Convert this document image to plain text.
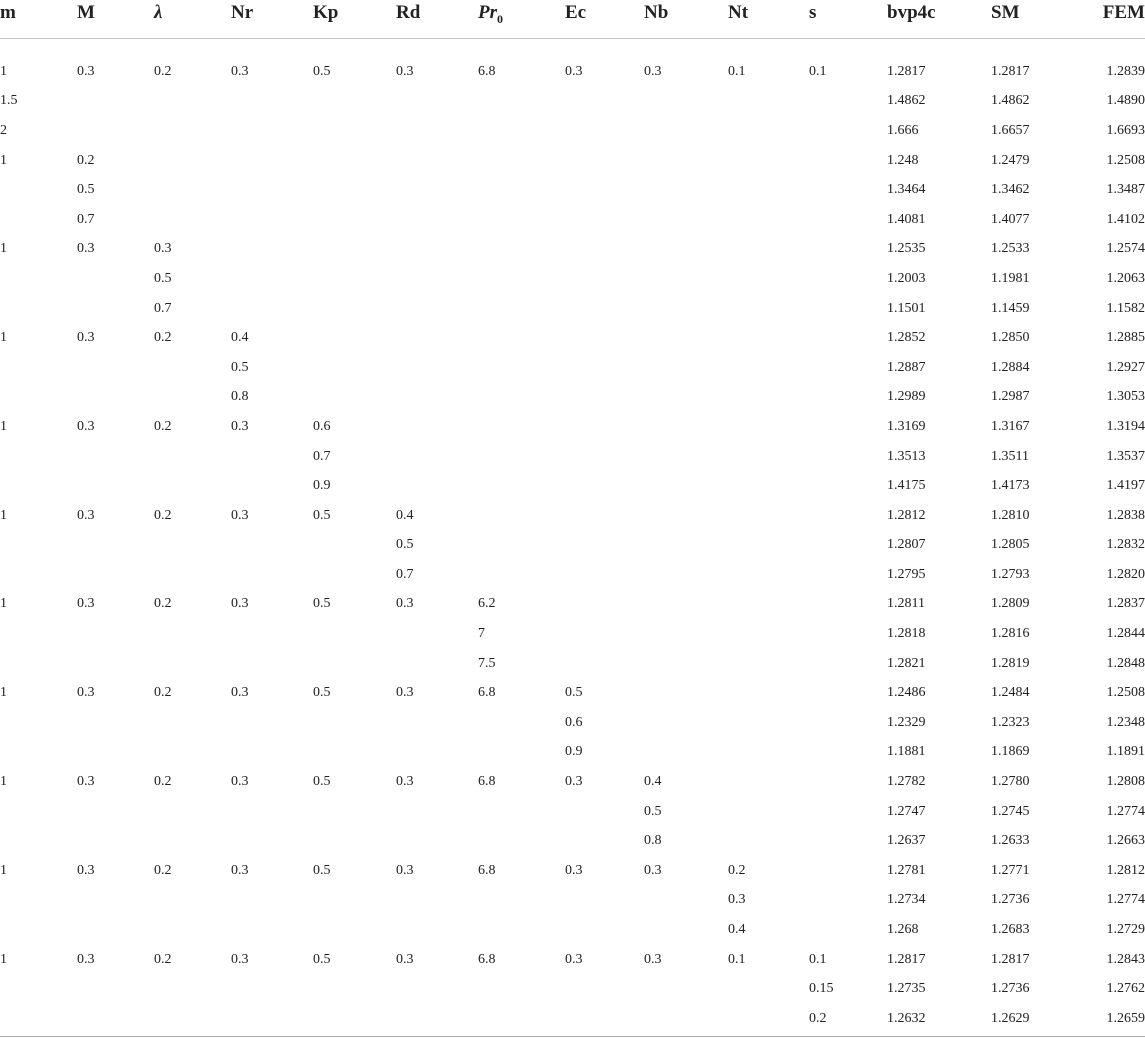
m	M	λ	Nr	Kp	Rd	$Pr_0$	Ec	Nb	Nt	s	bvp4c	SM	FEM
1	0.3	0.2	0.3	0.5	0.3	6.8	0.3	0.3	0.1	0.1	1.2817	1.2817	1.2839
1.5											1.4862	1.4862	1.4890
2											1.666	1.6657	1.6693
1	0.2										1.248	1.2479	1.2508
	0.5										1.3464	1.3462	1.3487
	0.7										1.4081	1.4077	1.4102
1	0.3	0.3									1.2535	1.2533	1.2574
		0.5									1.2003	1.1981	1.2063
		0.7									1.1501	1.1459	1.1582
1	0.3	0.2	0.4								1.2852	1.2850	1.2885
			0.5								1.2887	1.2884	1.2927
			0.8								1.2989	1.2987	1.3053
1	0.3	0.2	0.3	0.6							1.3169	1.3167	1.3194
				0.7							1.3513	1.3511	1.3537
				0.9							1.4175	1.4173	1.4197
1	0.3	0.2	0.3	0.5	0.4						1.2812	1.2810	1.2838
					0.5						1.2807	1.2805	1.2832
					0.7						1.2795	1.2793	1.2820
1	0.3	0.2	0.3	0.5	0.3	6.2					1.2811	1.2809	1.2837
						7					1.2818	1.2816	1.2844
						7.5					1.2821	1.2819	1.2848
1	0.3	0.2	0.3	0.5	0.3	6.8	0.5				1.2486	1.2484	1.2508
							0.6				1.2329	1.2323	1.2348
							0.9				1.1881	1.1869	1.1891
1	0.3	0.2	0.3	0.5	0.3	6.8	0.3	0.4			1.2782	1.2780	1.2808
								0.5			1.2747	1.2745	1.2774
								0.8			1.2637	1.2633	1.2663
1	0.3	0.2	0.3	0.5	0.3	6.8	0.3	0.3	0.2		1.2781	1.2771	1.2812
									0.3		1.2734	1.2736	1.2774
									0.4		1.268	1.2683	1.2729
1	0.3	0.2	0.3	0.5	0.3	6.8	0.3	0.3	0.1	0.1	1.2817	1.2817	1.2843
										0.15	1.2735	1.2736	1.2762
										0.2	1.2632	1.2629	1.2659
